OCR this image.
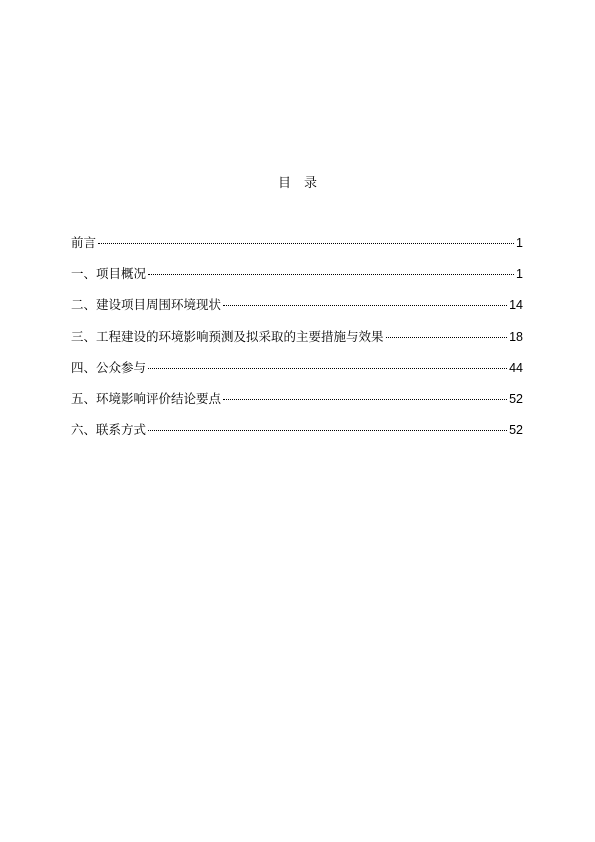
目　录
前言	1
一、项目概况	1
二、建设项目周围环境现状	14
三、工程建设的环境影响预测及拟采取的主要措施与效果	18
四、公众参与	44
五、环境影响评价结论要点	52
六、联系方式	52
